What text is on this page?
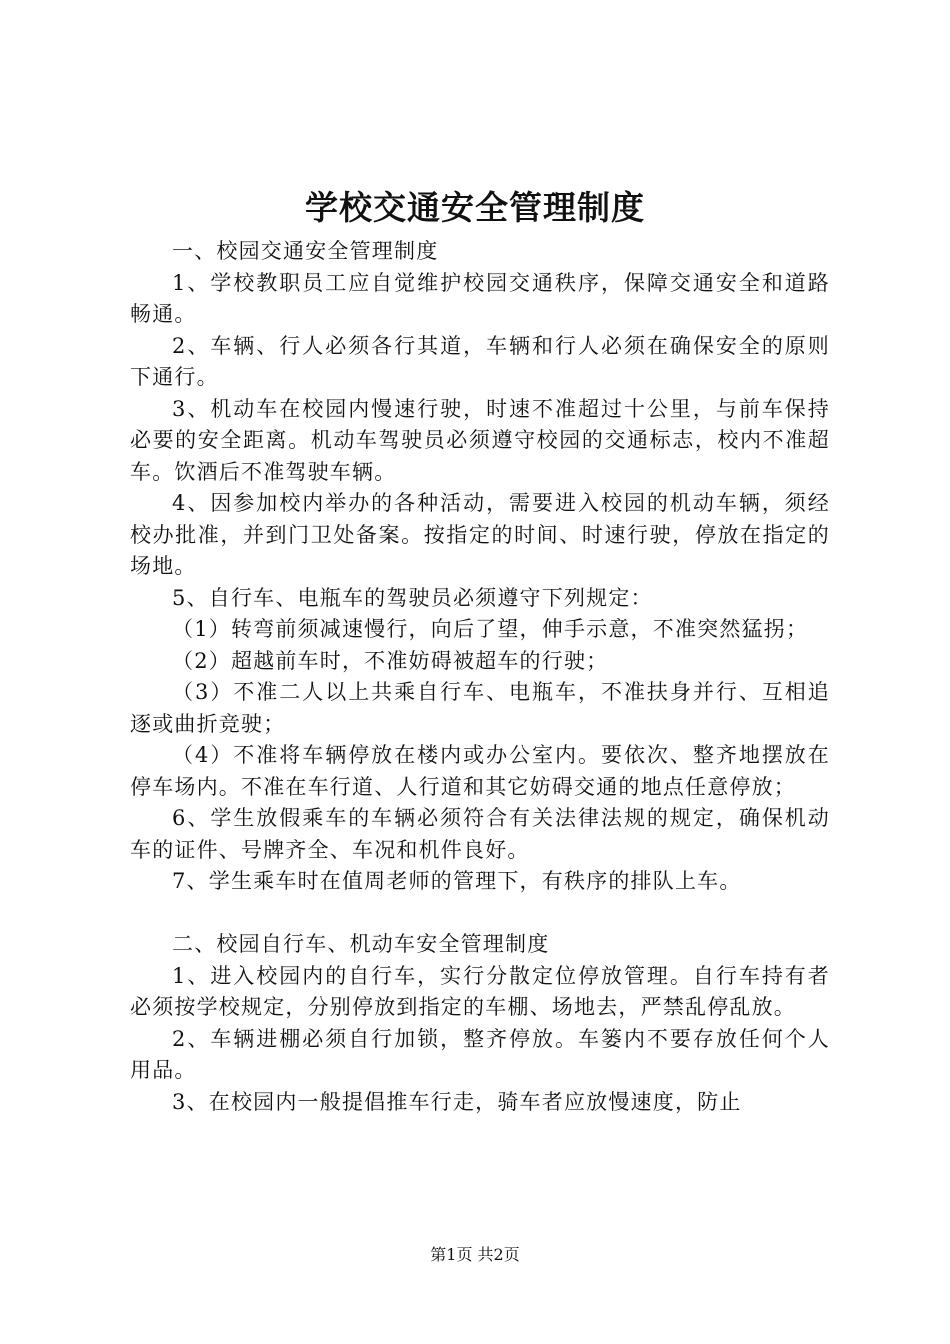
学校交通安全管理制度

一、校园交通安全管理制度

1、学校教职员工应自觉维护校园交通秩序，保障交通安全和道路畅通。

2、车辆、行人必须各行其道，车辆和行人必须在确保安全的原则下通行。

3、机动车在校园内慢速行驶，时速不准超过十公里，与前车保持必要的安全距离。机动车驾驶员必须遵守校园的交通标志，校内不准超车。饮酒后不准驾驶车辆。

4、因参加校内举办的各种活动，需要进入校园的机动车辆，须经校办批准，并到门卫处备案。按指定的时间、时速行驶，停放在指定的场地。

5、自行车、电瓶车的驾驶员必须遵守下列规定：

（1）转弯前须减速慢行，向后了望，伸手示意，不准突然猛拐；

（2）超越前车时，不准妨碍被超车的行驶；

（3）不准二人以上共乘自行车、电瓶车，不准扶身并行、互相追逐或曲折竞驶；

（4）不准将车辆停放在楼内或办公室内。要依次、整齐地摆放在停车场内。不准在车行道、人行道和其它妨碍交通的地点任意停放；

6、学生放假乘车的车辆必须符合有关法律法规的规定，确保机动车的证件、号牌齐全、车况和机件良好。

7、学生乘车时在值周老师的管理下，有秩序的排队上车。

二、校园自行车、机动车安全管理制度

1、进入校园内的自行车，实行分散定位停放管理。自行车持有者必须按学校规定，分别停放到指定的车棚、场地去，严禁乱停乱放。

2、车辆进棚必须自行加锁，整齐停放。车篓内不要存放任何个人用品。

3、在校园内一般提倡推车行走，骑车者应放慢速度，防止

第1页 共2页
